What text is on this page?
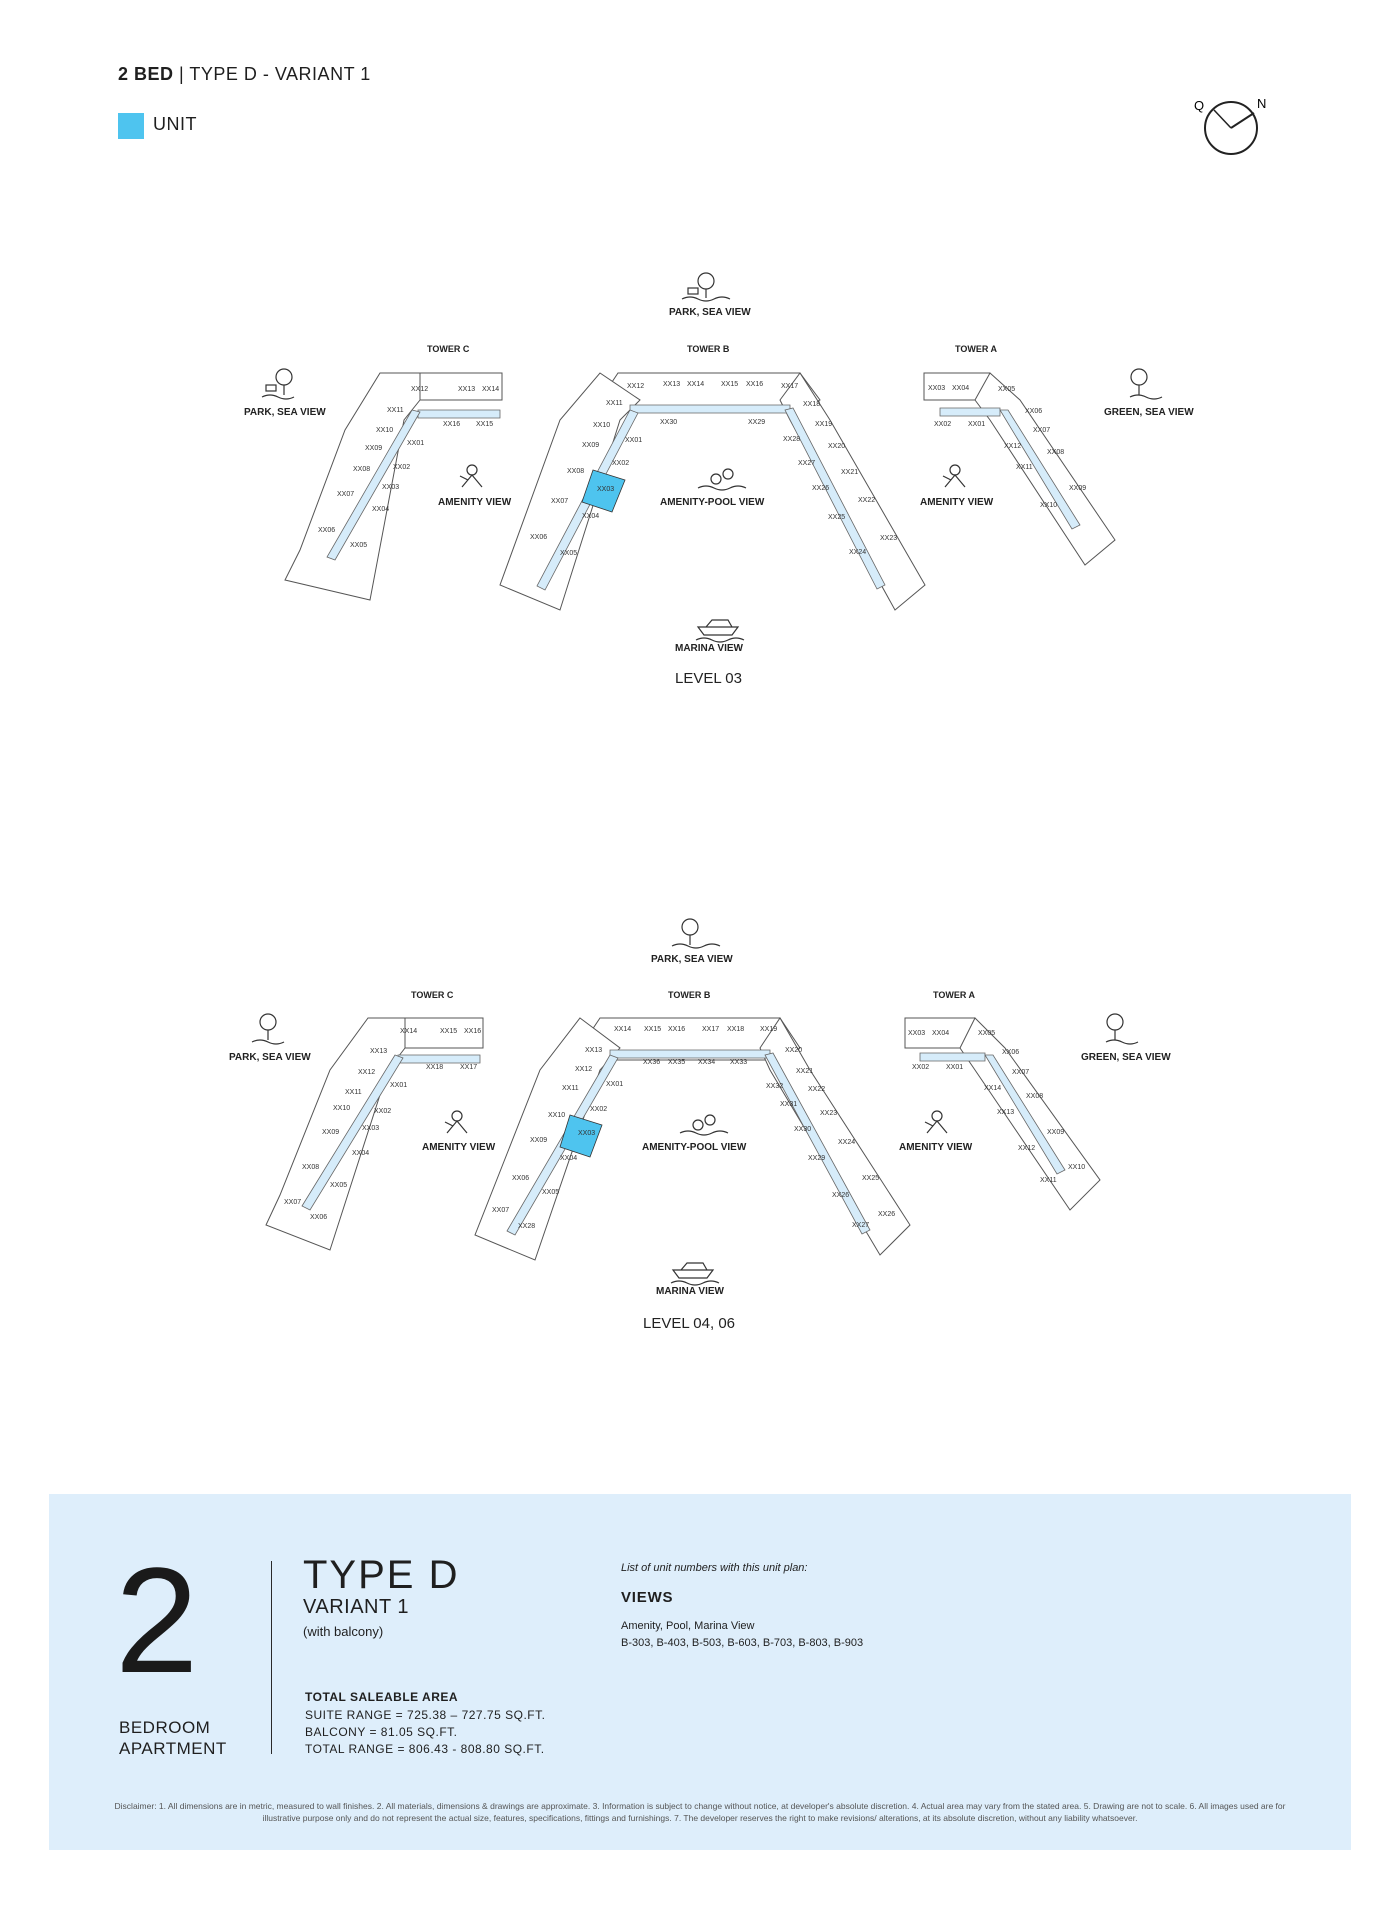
2 BED | TYPE D - VARIANT 1
UNIT
Q	N
XX12	XX13 XX14
XX11
XX16 XX15
XX10
XX01
XX09
XX02
XX08
XX03
XX07
XX04
XX06
XX05
XX12	XX13 XX14 XX15 XX16	XX17
XX11	XX18
XX10	XX30	XX29	XX19
XX01	XX28
XX09	XX20
XX02
XX08
XX27
XX21
XX03	XX26
XX07	XX22
XX04	XX25
XX06	XX23
XX05	XX24
XX03 XX04	XX05
XX06
XX02 XX01
XX07
XX12
XX08
XX11
XX09
XX10
TOWER C	TOWER B	TOWER A
PARK, SEA VIEW
PARK, SEA VIEW	GREEN, SEA VIEW
AMENITY VIEW	AMENITY VIEW
AMENITY-POOL VIEW
MARINA VIEW
LEVEL 03
XX14	XX15 XX16
XX13
XX18 XX17
XX12
XX01
XX11
XX02
XX10
XX03
XX09
XX04
XX08
XX05
XX07
XX06
XX14 XX15 XX16 XX17 XX18 XX19
XX13	XX20
XX12
XX36 XX35 XX34 XX33
XX21
XX11
XX01	XX32	XX22
XX10
XX02
XX31
XX23
XX09
XX03
XX30
XX24
XX04	XX29
XX06
XX05
XX25
XX07
XX26
XX28	XX27
XX26
XX03 XX04	XX05
XX06
XX02 XX01
XX07
XX14
XX08
XX13
XX09
XX12
XX11
XX10
TOWER C	TOWER B	TOWER A
PARK, SEA VIEW
PARK, SEA VIEW	GREEN, SEA VIEW
AMENITY VIEW	AMENITY VIEW
AMENITY-POOL VIEW
MARINA VIEW
LEVEL 04, 06
2
BEDROOM
APARTMENT
TYPE D
VARIANT 1
(with balcony)
TOTAL SALEABLE AREA
SUITE RANGE = 725.38 – 727.75 SQ.FT.
BALCONY = 81.05 SQ.FT.
TOTAL RANGE = 806.43 - 808.80 SQ.FT.
List of unit numbers with this unit plan:
VIEWS
Amenity, Pool, Marina View
B-303, B-403, B-503, B-603, B-703, B-803, B-903
Disclaimer: 1. All dimensions are in metric, measured to wall finishes. 2. All materials, dimensions & drawings are approximate. 3. Information is subject to change without notice, at developer's absolute discretion. 4. Actual area may vary from the stated area. 5. Drawing are not to scale. 6. All images used are for illustrative purpose only and do not represent the actual size, features, specifications, fittings and furnishings. 7. The developer reserves the right to make revisions/ alterations, at its absolute discretion, without any liability whatsoever.
